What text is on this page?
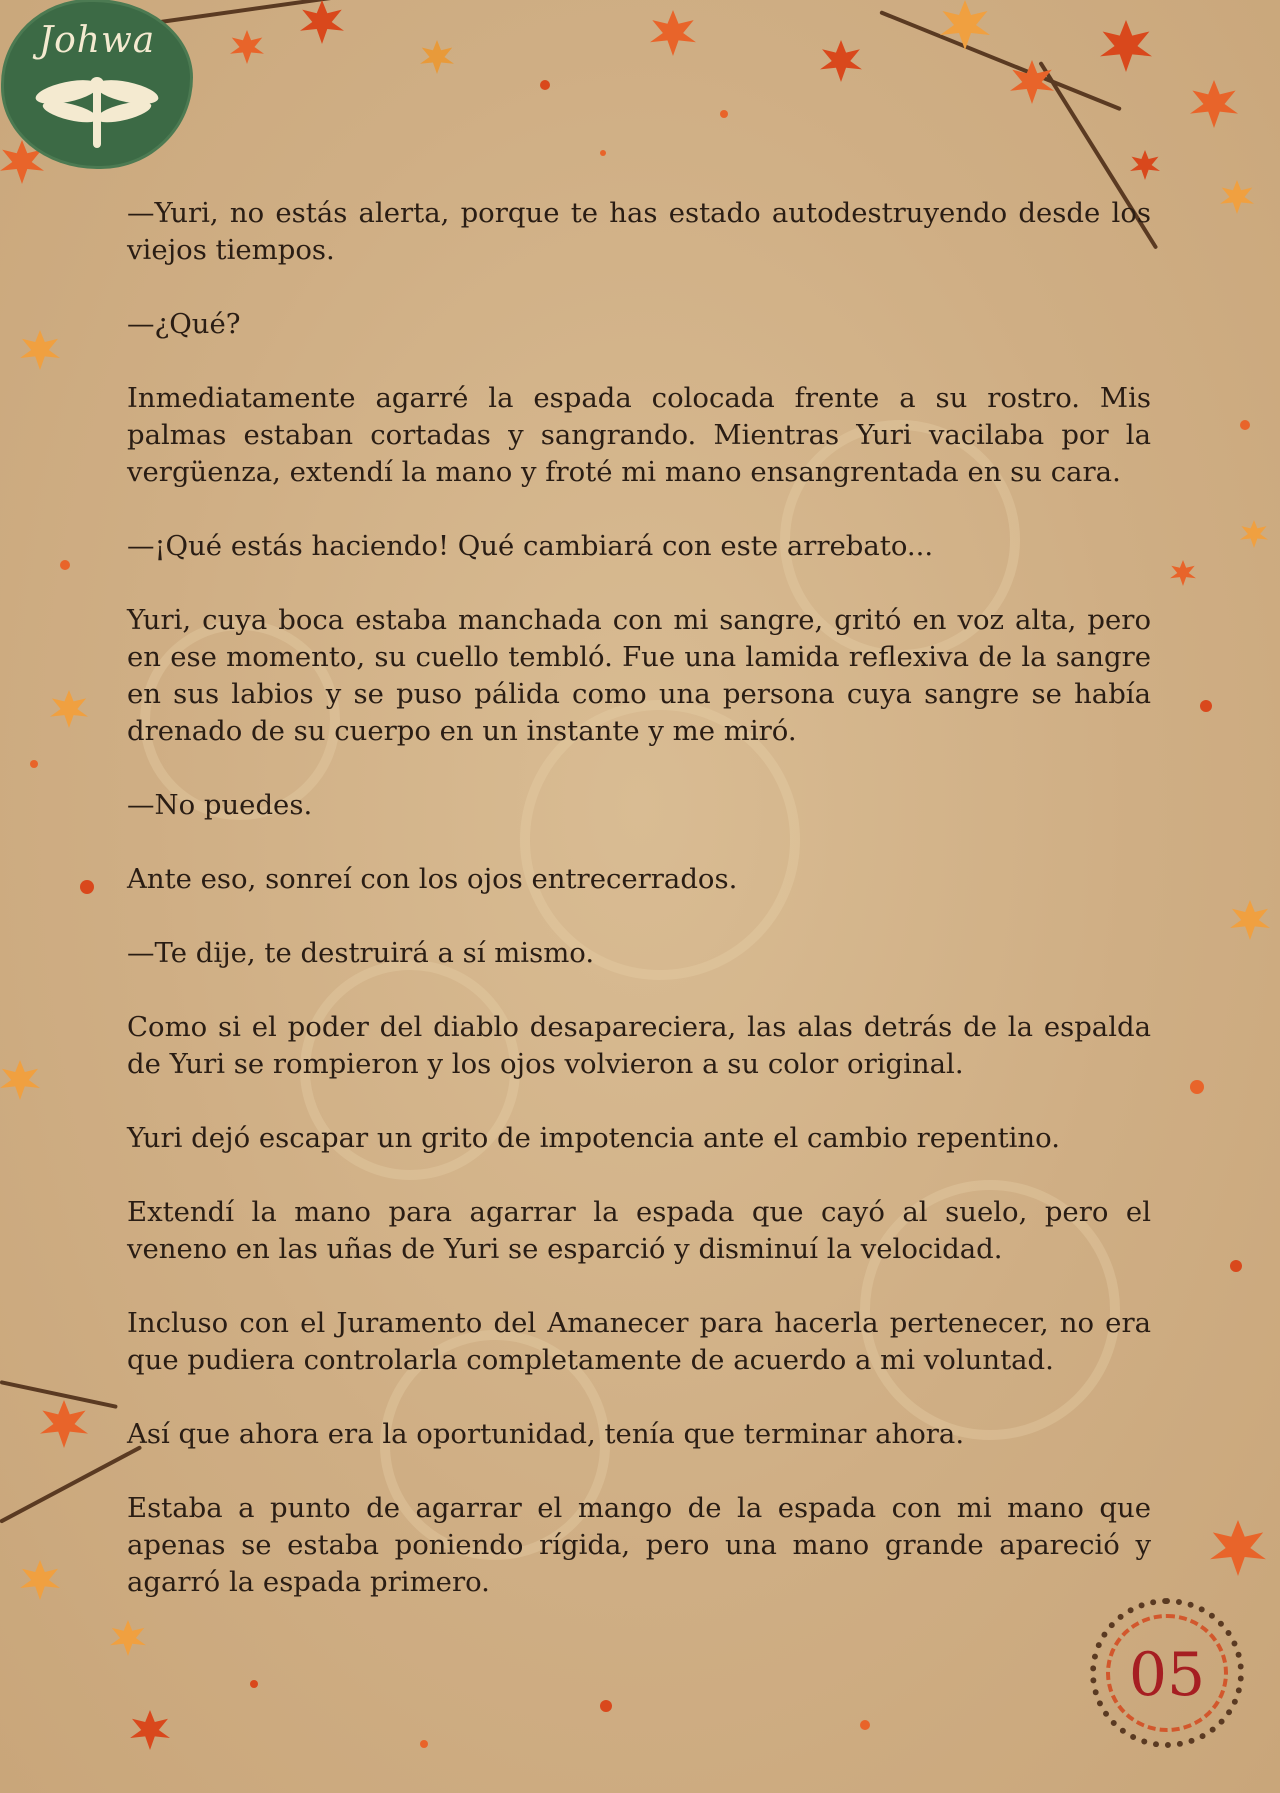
Johwa

—Yuri, no estás alerta, porque te has estado autodestruyendo desde los viejos tiempos.

—¿Qué?

Inmediatamente agarré la espada colocada frente a su rostro. Mis palmas estaban cortadas y sangrando. Mientras Yuri vacilaba por la vergüenza, extendí la mano y froté mi mano ensangrentada en su cara.

—¡Qué estás haciendo! Qué cambiará con este arrebato...

Yuri, cuya boca estaba manchada con mi sangre, gritó en voz alta, pero en ese momento, su cuello tembló. Fue una lamida reflexiva de la sangre en sus labios y se puso pálida como una persona cuya sangre se había drenado de su cuerpo en un instante y me miró.

—No puedes.

Ante eso, sonreí con los ojos entrecerrados.

—Te dije, te destruirá a sí mismo.

Como si el poder del diablo desapareciera, las alas detrás de la espalda de Yuri se rompieron y los ojos volvieron a su color original.

Yuri dejó escapar un grito de impotencia ante el cambio repentino.

Extendí la mano para agarrar la espada que cayó al suelo, pero el veneno en las uñas de Yuri se esparció y disminuí la velocidad.

Incluso con el Juramento del Amanecer para hacerla pertenecer, no era que pudiera controlarla completamente de acuerdo a mi voluntad.

Así que ahora era la oportunidad, tenía que terminar ahora.

Estaba a punto de agarrar el mango de la espada con mi mano que apenas se estaba poniendo rígida, pero una mano grande apareció y agarró la espada primero.

05
